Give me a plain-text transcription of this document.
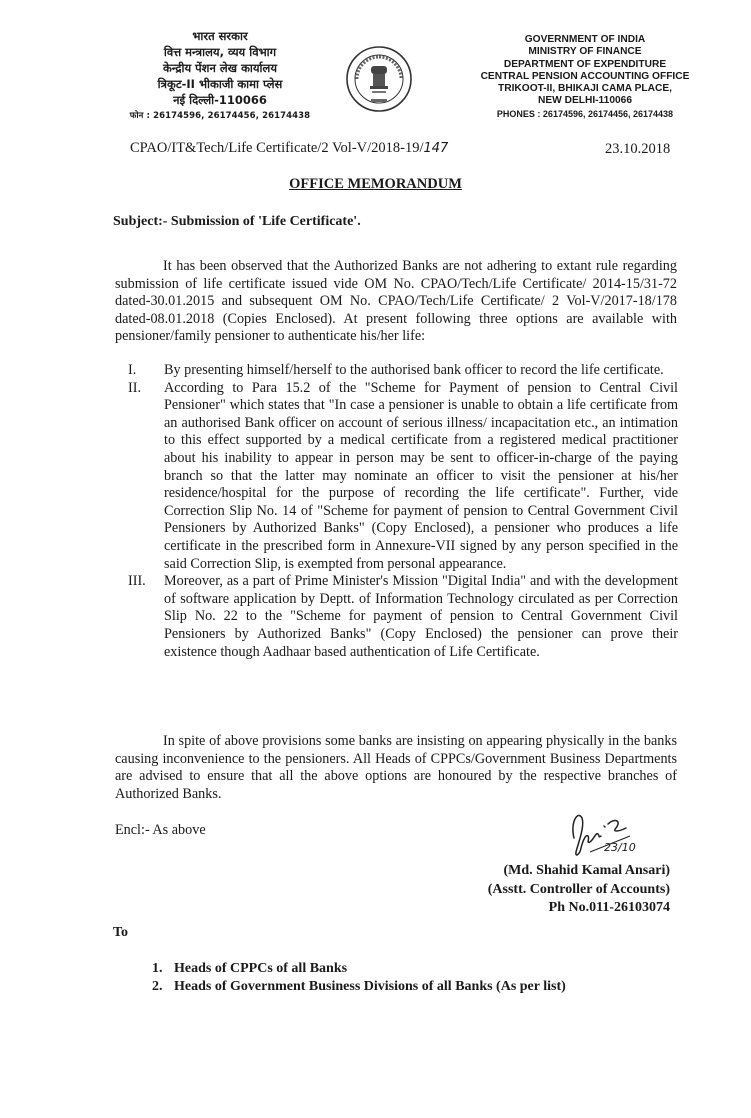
भारत सरकार
वित्त मन्त्रालय, व्यय विभाग
केन्द्रीय पेंशन लेख कार्यालय
त्रिकूट-II भीकाजी कामा प्लेस
नई दिल्ली-110066
फोन : 26174596, 26174456, 26174438
GOVERNMENT OF INDIA
MINISTRY OF FINANCE
DEPARTMENT OF EXPENDITURE
CENTRAL PENSION ACCOUNTING OFFICE
TRIKOOT-II, BHIKAJI CAMA PLACE,
NEW DELHI-110066
PHONES : 26174596, 26174456, 26174438
CPAO/IT&Tech/Life Certificate/2 Vol-V/2018-19/147	23.10.2018
OFFICE MEMORANDUM
Subject:- Submission of 'Life Certificate'.
It has been observed that the Authorized Banks are not adhering to extant rule regarding submission of life certificate issued vide OM No. CPAO/Tech/Life Certificate/ 2014-15/31-72 dated-30.01.2015 and subsequent OM No. CPAO/Tech/Life Certificate/ 2 Vol-V/2017-18/178 dated-08.01.2018 (Copies Enclosed). At present following three options are available with pensioner/family pensioner to authenticate his/her life:
I.	By presenting himself/herself to the authorised bank officer to record the life certificate.
II.	According to Para 15.2 of the "Scheme for Payment of pension to Central Civil Pensioner" which states that "In case a pensioner is unable to obtain a life certificate from an authorised Bank officer on account of serious illness/ incapacitation etc., an intimation to this effect supported by a medical certificate from a registered medical practitioner about his inability to appear in person may be sent to officer-in-charge of the paying branch so that the latter may nominate an officer to visit the pensioner at his/her residence/hospital for the purpose of recording the life certificate". Further, vide Correction Slip No. 14 of "Scheme for payment of pension to Central Government Civil Pensioners by Authorized Banks" (Copy Enclosed), a pensioner who produces a life certificate in the prescribed form in Annexure-VII signed by any person specified in the said Correction Slip, is exempted from personal appearance.
III.	Moreover, as a part of Prime Minister's Mission "Digital India" and with the development of software application by Deptt. of Information Technology circulated as per Correction Slip No. 22 to the "Scheme for payment of pension to Central Government Civil Pensioners by Authorized Banks" (Copy Enclosed) the pensioner can prove their existence though Aadhaar based authentication of Life Certificate.
In spite of above provisions some banks are insisting on appearing physically in the banks causing inconvenience to the pensioners. All Heads of CPPCs/Government Business Departments are advised to ensure that all the above options are honoured by the respective branches of Authorized Banks.
Encl:- As above
23/10
(Md. Shahid Kamal Ansari)
(Asstt. Controller of Accounts)
Ph No.011-26103074
To
1. Heads of CPPCs of all Banks
2. Heads of Government Business Divisions of all Banks (As per list)
